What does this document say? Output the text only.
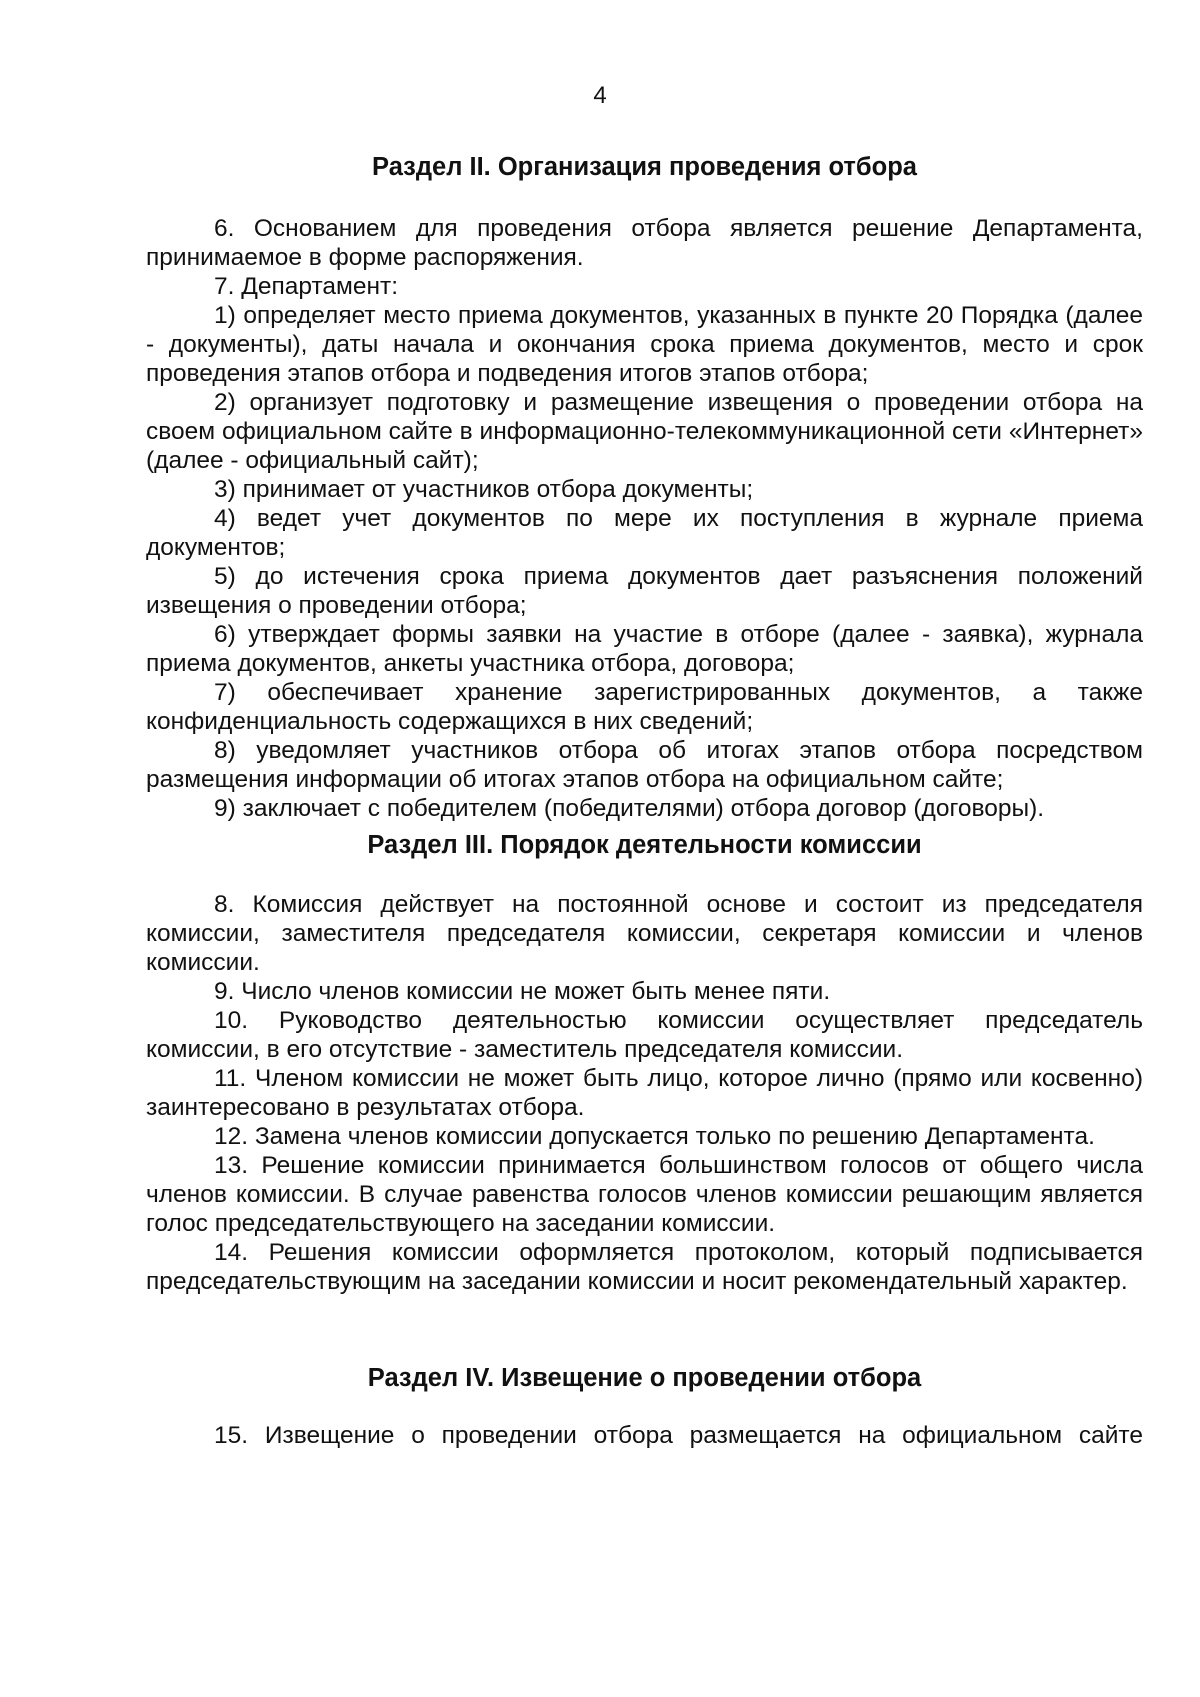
4
Раздел II. Организация проведения отбора

6. Основанием для проведения отбора является решение Департамента, принимаемое в форме распоряжения.

7. Департамент:

1) определяет место приема документов, указанных в пункте 20 Порядка (далее - документы), даты начала и окончания срока приема документов, место и срок проведения этапов отбора и подведения итогов этапов отбора;

2) организует подготовку и размещение извещения о проведении отбора на своем официальном сайте в информационно-телекоммуникационной сети «Интернет» (далее - официальный сайт);

3) принимает от участников отбора документы;

4) ведет учет документов по мере их поступления в журнале приема документов;

5) до истечения срока приема документов дает разъяснения положений извещения о проведении отбора;

6) утверждает формы заявки на участие в отборе (далее - заявка), журнала приема документов, анкеты участника отбора, договора;

7) обеспечивает хранение зарегистрированных документов, а также конфиденциальность содержащихся в них сведений;

8) уведомляет участников отбора об итогах этапов отбора посредством размещения информации об итогах этапов отбора на официальном сайте;

9) заключает с победителем (победителями) отбора договор (договоры).

Раздел III. Порядок деятельности комиссии

8. Комиссия действует на постоянной основе и состоит из председателя комиссии, заместителя председателя комиссии, секретаря комиссии и членов комиссии.

9. Число членов комиссии не может быть менее пяти.

10. Руководство деятельностью комиссии осуществляет председатель комиссии, в его отсутствие - заместитель председателя комиссии.

11. Членом комиссии не может быть лицо, которое лично (прямо или косвенно) заинтересовано в результатах отбора.

12. Замена членов комиссии допускается только по решению Департамента.

13. Решение комиссии принимается большинством голосов от общего числа членов комиссии. В случае равенства голосов членов комиссии решающим является голос председательствующего на заседании комиссии.

14. Решения комиссии оформляется протоколом, который подписывается председательствующим на заседании комиссии и носит рекомендательный характер.

Раздел IV. Извещение о проведении отбора

15. Извещение о проведении отбора размещается на официальном сайте
